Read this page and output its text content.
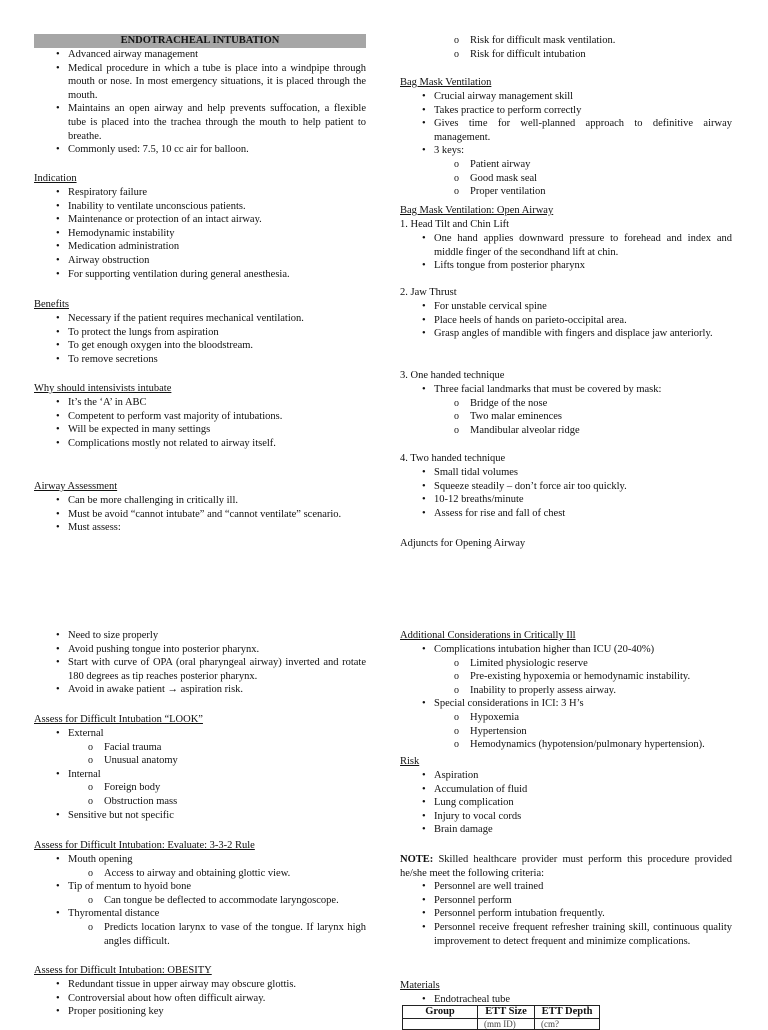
ENDOTRACHEAL INTUBATION
• Advanced airway management
• Medical procedure in which a tube is place into a windpipe through mouth or nose. In most emergency situations, it is placed through the mouth.
• Maintains an open airway and help prevents suffocation, a flexible tube is placed into the trachea through the mouth to help patient to breathe.
• Commonly used: 7.5, 10 cc air for balloon.
Indication
• Respiratory failure
• Inability to ventilate unconscious patients.
• Maintenance or protection of an intact airway.
• Hemodynamic instability
• Medication administration
• Airway obstruction
• For supporting ventilation during general anesthesia.
Benefits
• Necessary if the patient requires mechanical ventilation.
• To protect the lungs from aspiration
• To get enough oxygen into the bloodstream.
• To remove secretions
Why should intensivists intubate
• It’s the ‘A’ in ABC
• Competent to perform vast majority of intubations.
• Will be expected in many settings
• Complications mostly not related to airway itself.
Airway Assessment
• Can be more challenging in critically ill.
• Must be avoid “cannot intubate” and “cannot ventilate” scenario.
• Must assess:
o Risk for difficult mask ventilation.
o Risk for difficult intubation
Bag Mask Ventilation
• Crucial airway management skill
• Takes practice to perform correctly
• Gives time for well-planned approach to definitive airway management.
• 3 keys:
o Patient airway
o Good mask seal
o Proper ventilation
Bag Mask Ventilation: Open Airway
1. Head Tilt and Chin Lift
• One hand applies downward pressure to forehead and index and middle finger of the secondhand lift at chin.
• Lifts tongue from posterior pharynx
2. Jaw Thrust
• For unstable cervical spine
• Place heels of hands on parieto-occipital area.
• Grasp angles of mandible with fingers and displace jaw anteriorly.
3. One handed technique
• Three facial landmarks that must be covered by mask:
o Bridge of the nose
o Two malar eminences
o Mandibular alveolar ridge
4. Two handed technique
• Small tidal volumes
• Squeeze steadily – don’t force air too quickly.
• 10-12 breaths/minute
• Assess for rise and fall of chest
Adjuncts for Opening Airway
• Need to size properly
• Avoid pushing tongue into posterior pharynx.
• Start with curve of OPA (oral pharyngeal airway) inverted and rotate 180 degrees as tip reaches posterior pharynx.
• Avoid in awake patient → aspiration risk.
Assess for Difficult Intubation “LOOK”
• External
o Facial trauma
o Unusual anatomy
• Internal
o Foreign body
o Obstruction mass
• Sensitive but not specific
Assess for Difficult Intubation: Evaluate: 3-3-2 Rule
• Mouth opening
o Access to airway and obtaining glottic view.
• Tip of mentum to hyoid bone
o Can tongue be deflected to accommodate laryngoscope.
• Thyromental distance
o Predicts location larynx to vase of the tongue. If larynx high angles difficult.
Assess for Difficult Intubation: OBESITY
• Redundant tissue in upper airway may obscure glottis.
• Controversial about how often difficult airway.
• Proper positioning key
Additional Considerations in Critically Ill
• Complications intubation higher than ICU (20-40%)
o Limited physiologic reserve
o Pre-existing hypoxemia or hemodynamic instability.
o Inability to properly assess airway.
• Special considerations in ICI: 3 H’s
o Hypoxemia
o Hypertension
o Hemodynamics (hypotension/pulmonary hypertension).
Risk
• Aspiration
• Accumulation of fluid
• Lung complication
• Injury to vocal cords
• Brain damage
NOTE: Skilled healthcare provider must perform this procedure provided he/she meet the following criteria:
• Personnel are well trained
• Personnel perform
• Personnel perform intubation frequently.
• Personnel receive frequent refresher training skill, continuous quality improvement to detect frequent and minimize complications.
Materials
• Endotracheal tube
Group	ETT Size	ETT Depth
	(mm ID)	(cm?
